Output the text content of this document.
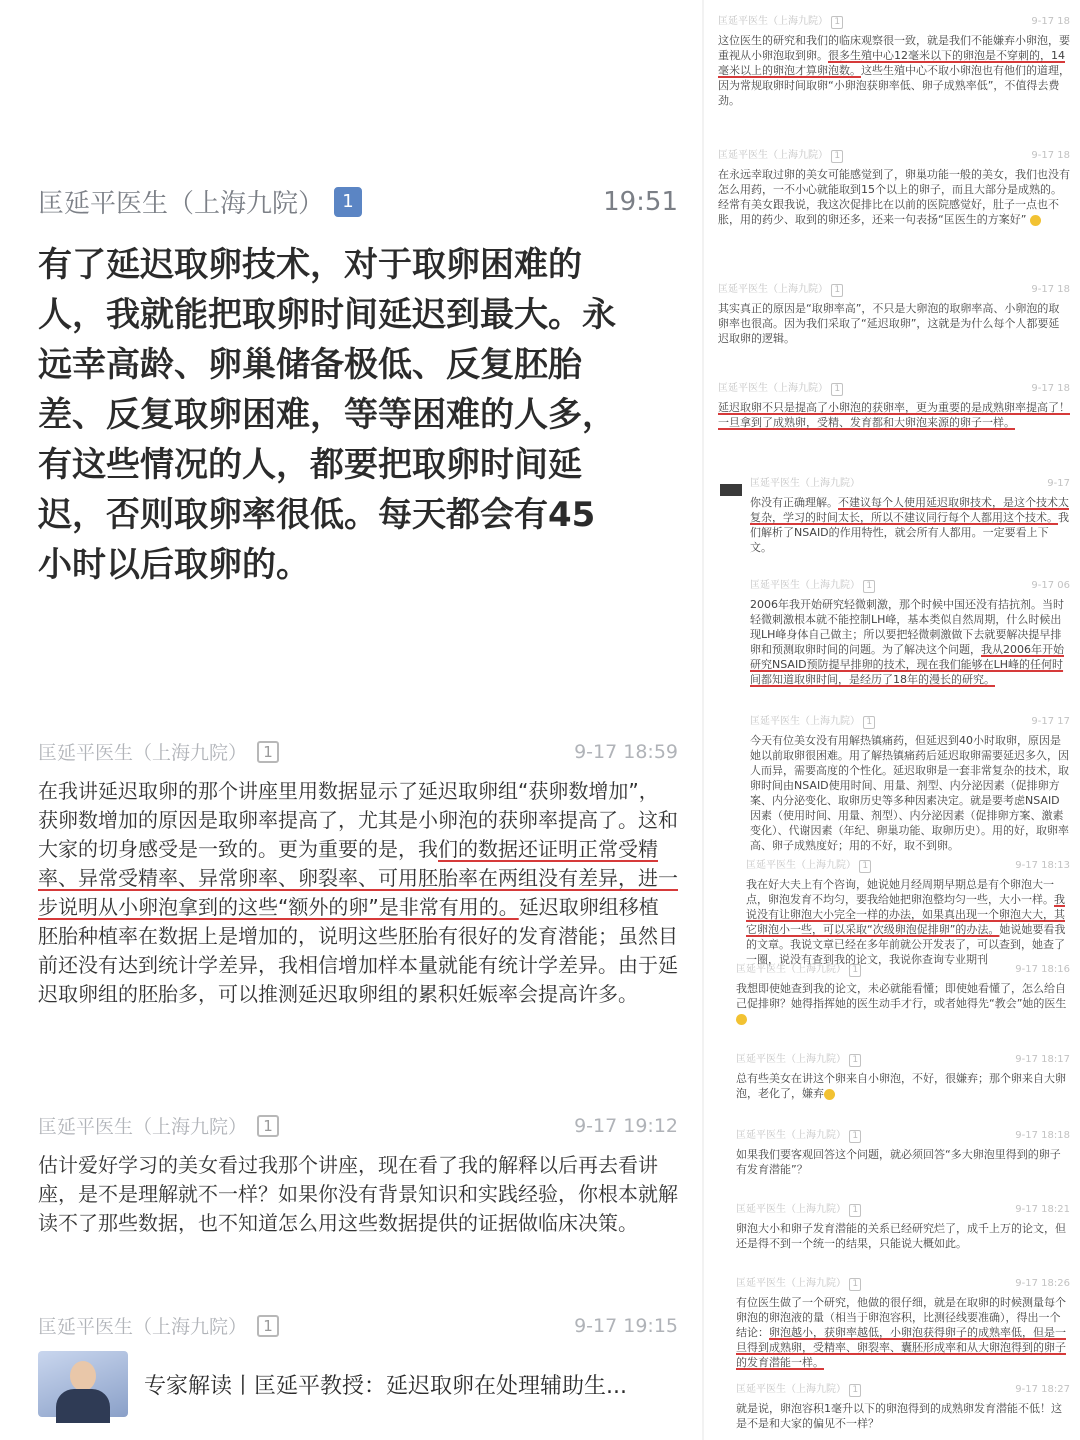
匡延平医生（上海九院）	1	19:51
有了延迟取卵技术，对于取卵困难的
人，我就能把取卵时间延迟到最大。永
远幸高龄、卵巢储备极低、反复胚胎
差、反复取卵困难，等等困难的人多，
有这些情况的人，都要把取卵时间延
迟，否则取卵率很低。每天都会有45
小时以后取卵的。
匡延平医生（上海九院）	1	9-17 18:59
在我讲延迟取卵的那个讲座里用数据显示了延迟取卵组“获卵数增加”，获卵数增加的原因是取卵率提高了，尤其是小卵泡的获卵率提高了。这和大家的切身感受是一致的。更为重要的是，我们的数据还证明正常受精率、异常受精率、异常卵率、卵裂率、可用胚胎率在两组没有差异，进一步说明从小卵泡拿到的这些“额外的卵”是非常有用的。延迟取卵组移植胚胎种植率在数据上是增加的，说明这些胚胎有很好的发育潜能；虽然目前还没有达到统计学差异，我相信增加样本量就能有统计学差异。由于延迟取卵组的胚胎多，可以推测延迟取卵组的累积妊娠率会提高许多。
匡延平医生（上海九院）	1	9-17 19:12
估计爱好学习的美女看过我那个讲座，现在看了我的解释以后再去看讲座，是不是理解就不一样？如果你没有背景知识和实践经验，你根本就解读不了那些数据，也不知道怎么用这些数据提供的证据做临床决策。
匡延平医生（上海九院）	1	9-17 19:15
专家解读丨匡延平教授：延迟取卵在处理辅助生...
匡延平医生（上海九院） 1	9-17 18
这位医生的研究和我们的临床观察很一致，就是我们不能嫌弃小卵泡，要重视从小卵泡取到卵。很多生殖中心12毫米以下的卵泡是不穿刺的，14毫米以上的卵泡才算卵泡数。这些生殖中心不取小卵泡也有他们的道理，因为常规取卵时间取卵“小卵泡获卵率低、卵子成熟率低”，不值得去费劲。
匡延平医生（上海九院） 1	9-17 18
在永远幸取过卵的美女可能感觉到了，卵巢功能一般的美女，我们也没有怎么用药，一不小心就能取到15个以上的卵子，而且大部分是成熟的。经常有美女跟我说，我这次促排比在以前的医院感觉好，肚子一点也不胀，用的药少、取到的卵还多，还来一句表扬“匡医生的方案好”
匡延平医生（上海九院） 1	9-17 18
其实真正的原因是“取卵率高”，不只是大卵泡的取卵率高、小卵泡的取卵率也很高。因为我们采取了“延迟取卵”，这就是为什么每个人都要延迟取卵的逻辑。
匡延平医生（上海九院） 1	9-17 18
延迟取卵不只是提高了小卵泡的获卵率，更为重要的是成熟卵率提高了！一旦拿到了成熟卵，受精、发育都和大卵泡来源的卵子一样。
匡延平医生（上海九院）	9-17
你没有正确理解。不建议每个人使用延迟取卵技术，是这个技术太复杂，学习的时间太长，所以不建议同行每个人都用这个技术。我们解析了NSAID的作用特性，就会所有人都用。一定要看上下文。
匡延平医生（上海九院） 1	9-17 06
2006年我开始研究轻微刺激，那个时候中国还没有拮抗剂。当时轻微刺激根本就不能控制LH峰，基本类似自然周期，什么时候出现LH峰身体自己做主；所以要把轻微刺激做下去就要解决提早排卵和预测取卵时间的问题。为了解决这个问题，我从2006年开始研究NSAID预防提早排卵的技术，现在我们能够在LH峰的任何时间都知道取卵时间，是经历了18年的漫长的研究。
匡延平医生（上海九院） 1	9-17 17
今天有位美女没有用解热镇痛药，但延迟到40小时取卵，原因是她以前取卵很困难。用了解热镇痛药后延迟取卵需要延迟多久，因人而异，需要高度的个性化。延迟取卵是一套非常复杂的技术，取卵时间由NSAID使用时间、用量、剂型、内分泌因素（促排卵方案、内分泌变化、取卵历史等多种因素决定。就是要考虑NSAID因素（使用时间、用量、剂型）、内分泌因素（促排卵方案、激素变化）、代谢因素（年纪、卵巢功能、取卵历史）。用的好，取卵率高、卵子成熟度好；用的不好，取不到卵。
匡延平医生（上海九院） 1	9-17 18:13
我在好大夫上有个咨询，她说她月经周期早期总是有个卵泡大一点，卵泡发育不均匀，要我给她把卵泡整均匀一些，大小一样。我说没有让卵泡大小完全一样的办法，如果真出现一个卵泡大大，其它卵泡小一些，可以采取“次级卵泡促排卵”的办法。她说她要看我的文章。我说文章已经在多年前就公开发表了，可以查到，她查了一圈，说没有查到我的论文，我说你查询专业期刊
匡延平医生（上海九院） 1	9-17 18:16
我想即使她查到我的论文，未必就能看懂；即使她看懂了，怎么给自己促排卵？她得指挥她的医生动手才行，或者她得先“教会”她的医生
匡延平医生（上海九院） 1	9-17 18:17
总有些美女在讲这个卵来自小卵泡，不好，很嫌弃；那个卵来自大卵泡，老化了，嫌弃
匡延平医生（上海九院） 1	9-17 18:18
如果我们要客观回答这个问题，就必须回答“多大卵泡里得到的卵子有发育潜能”？
匡延平医生（上海九院） 1	9-17 18:21
卵泡大小和卵子发育潜能的关系已经研究烂了，成千上万的论文，但还是得不到一个统一的结果，只能说大概如此。
匡延平医生（上海九院） 1	9-17 18:26
有位医生做了一个研究，他做的很仔细，就是在取卵的时候测量每个卵泡的卵泡液的量（相当于卵泡容积，比测径线要准确），得出一个结论：卵泡越小，获卵率越低，小卵泡获得卵子的成熟率低，但是一旦得到成熟卵，受精率、卵裂率、囊胚形成率和从大卵泡得到的卵子的发育潜能一样。
匡延平医生（上海九院） 1	9-17 18:27
就是说，卵泡容积1毫升以下的卵泡得到的成熟卵发育潜能不低！这是不是和大家的偏见不一样？
